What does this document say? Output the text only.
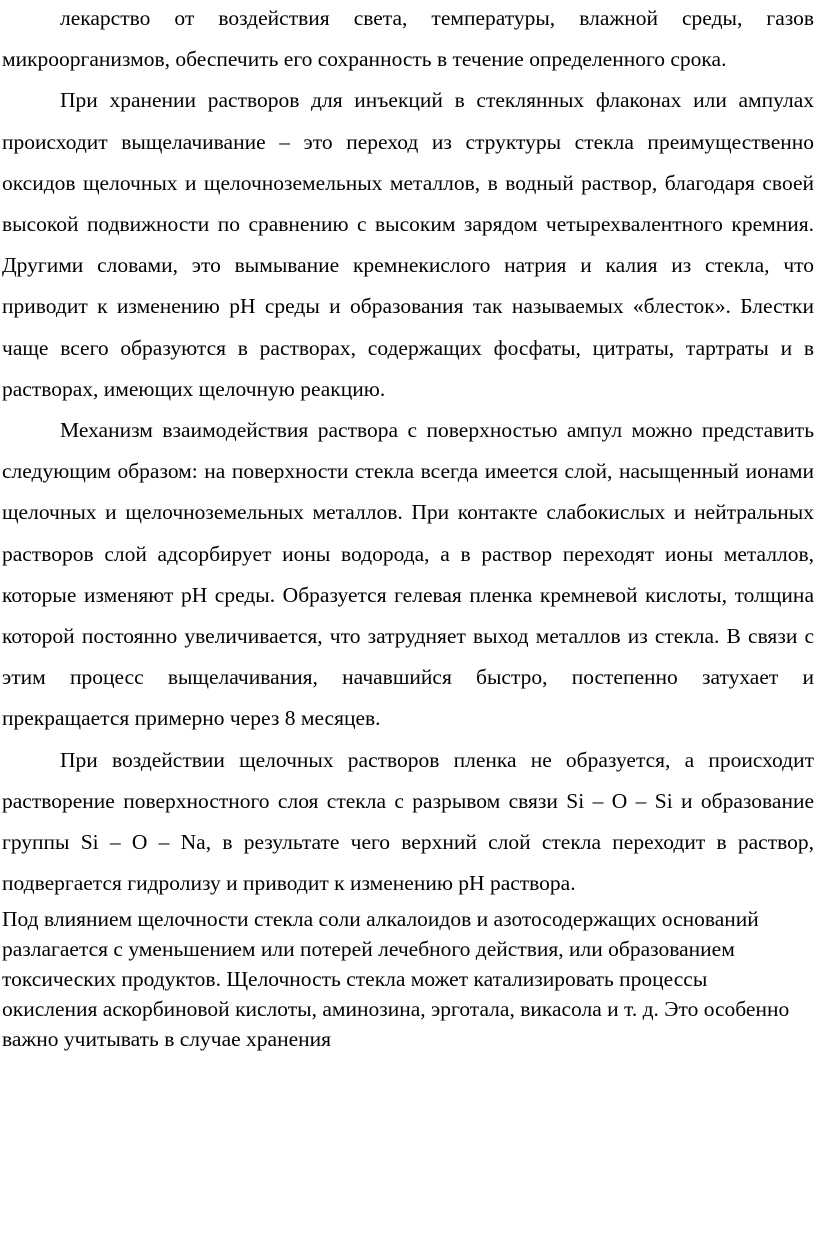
лекарство от воздействия света, температуры, влажной среды, газов микроорганизмов, обеспечить его сохранность в течение определенного срока.

При хранении растворов для инъекций в стеклянных флаконах или ампулах происходит выщелачивание – это переход из структуры стекла преимущественно оксидов щелочных и щелочноземельных металлов, в водный раствор, благодаря своей высокой подвижности по сравнению с высоким зарядом четырехвалентного кремния. Другими словами, это вымывание кремнекислого натрия и калия из стекла, что приводит к изменению рН среды и образования так называемых «блесток». Блестки чаще всего образуются в растворах, содержащих фосфаты, цитраты, тартраты и в растворах, имеющих щелочную реакцию.

Механизм взаимодействия раствора с поверхностью ампул можно представить следующим образом: на поверхности стекла всегда имеется слой, насыщенный ионами щелочных и щелочноземельных металлов. При контакте слабокислых и нейтральных растворов слой адсорбирует ионы водорода, а в раствор переходят ионы металлов, которые изменяют рН среды. Образуется гелевая пленка кремневой кислоты, толщина которой постоянно увеличивается, что затрудняет выход металлов из стекла. В связи с этим процесс выщелачивания, начавшийся быстро, постепенно затухает и прекращается примерно через 8 месяцев.

При воздействии щелочных растворов пленка не образуется, а происходит растворение поверхностного слоя стекла с разрывом связи Si – O – Si и образование группы Si – O – Na, в результате чего верхний слой стекла переходит в раствор, подвергается гидролизу и приводит к изменению рН раствора.

Под влиянием щелочности стекла соли алкалоидов и азотосодержащих оснований разлагается с уменьшением или потерей лечебного действия, или образованием токсических продуктов. Щелочность стекла может катализировать процессы окисления аскорбиновой кислоты, аминозина, эрготала, викасола и т. д. Это особенно важно учитывать в случае хранения
